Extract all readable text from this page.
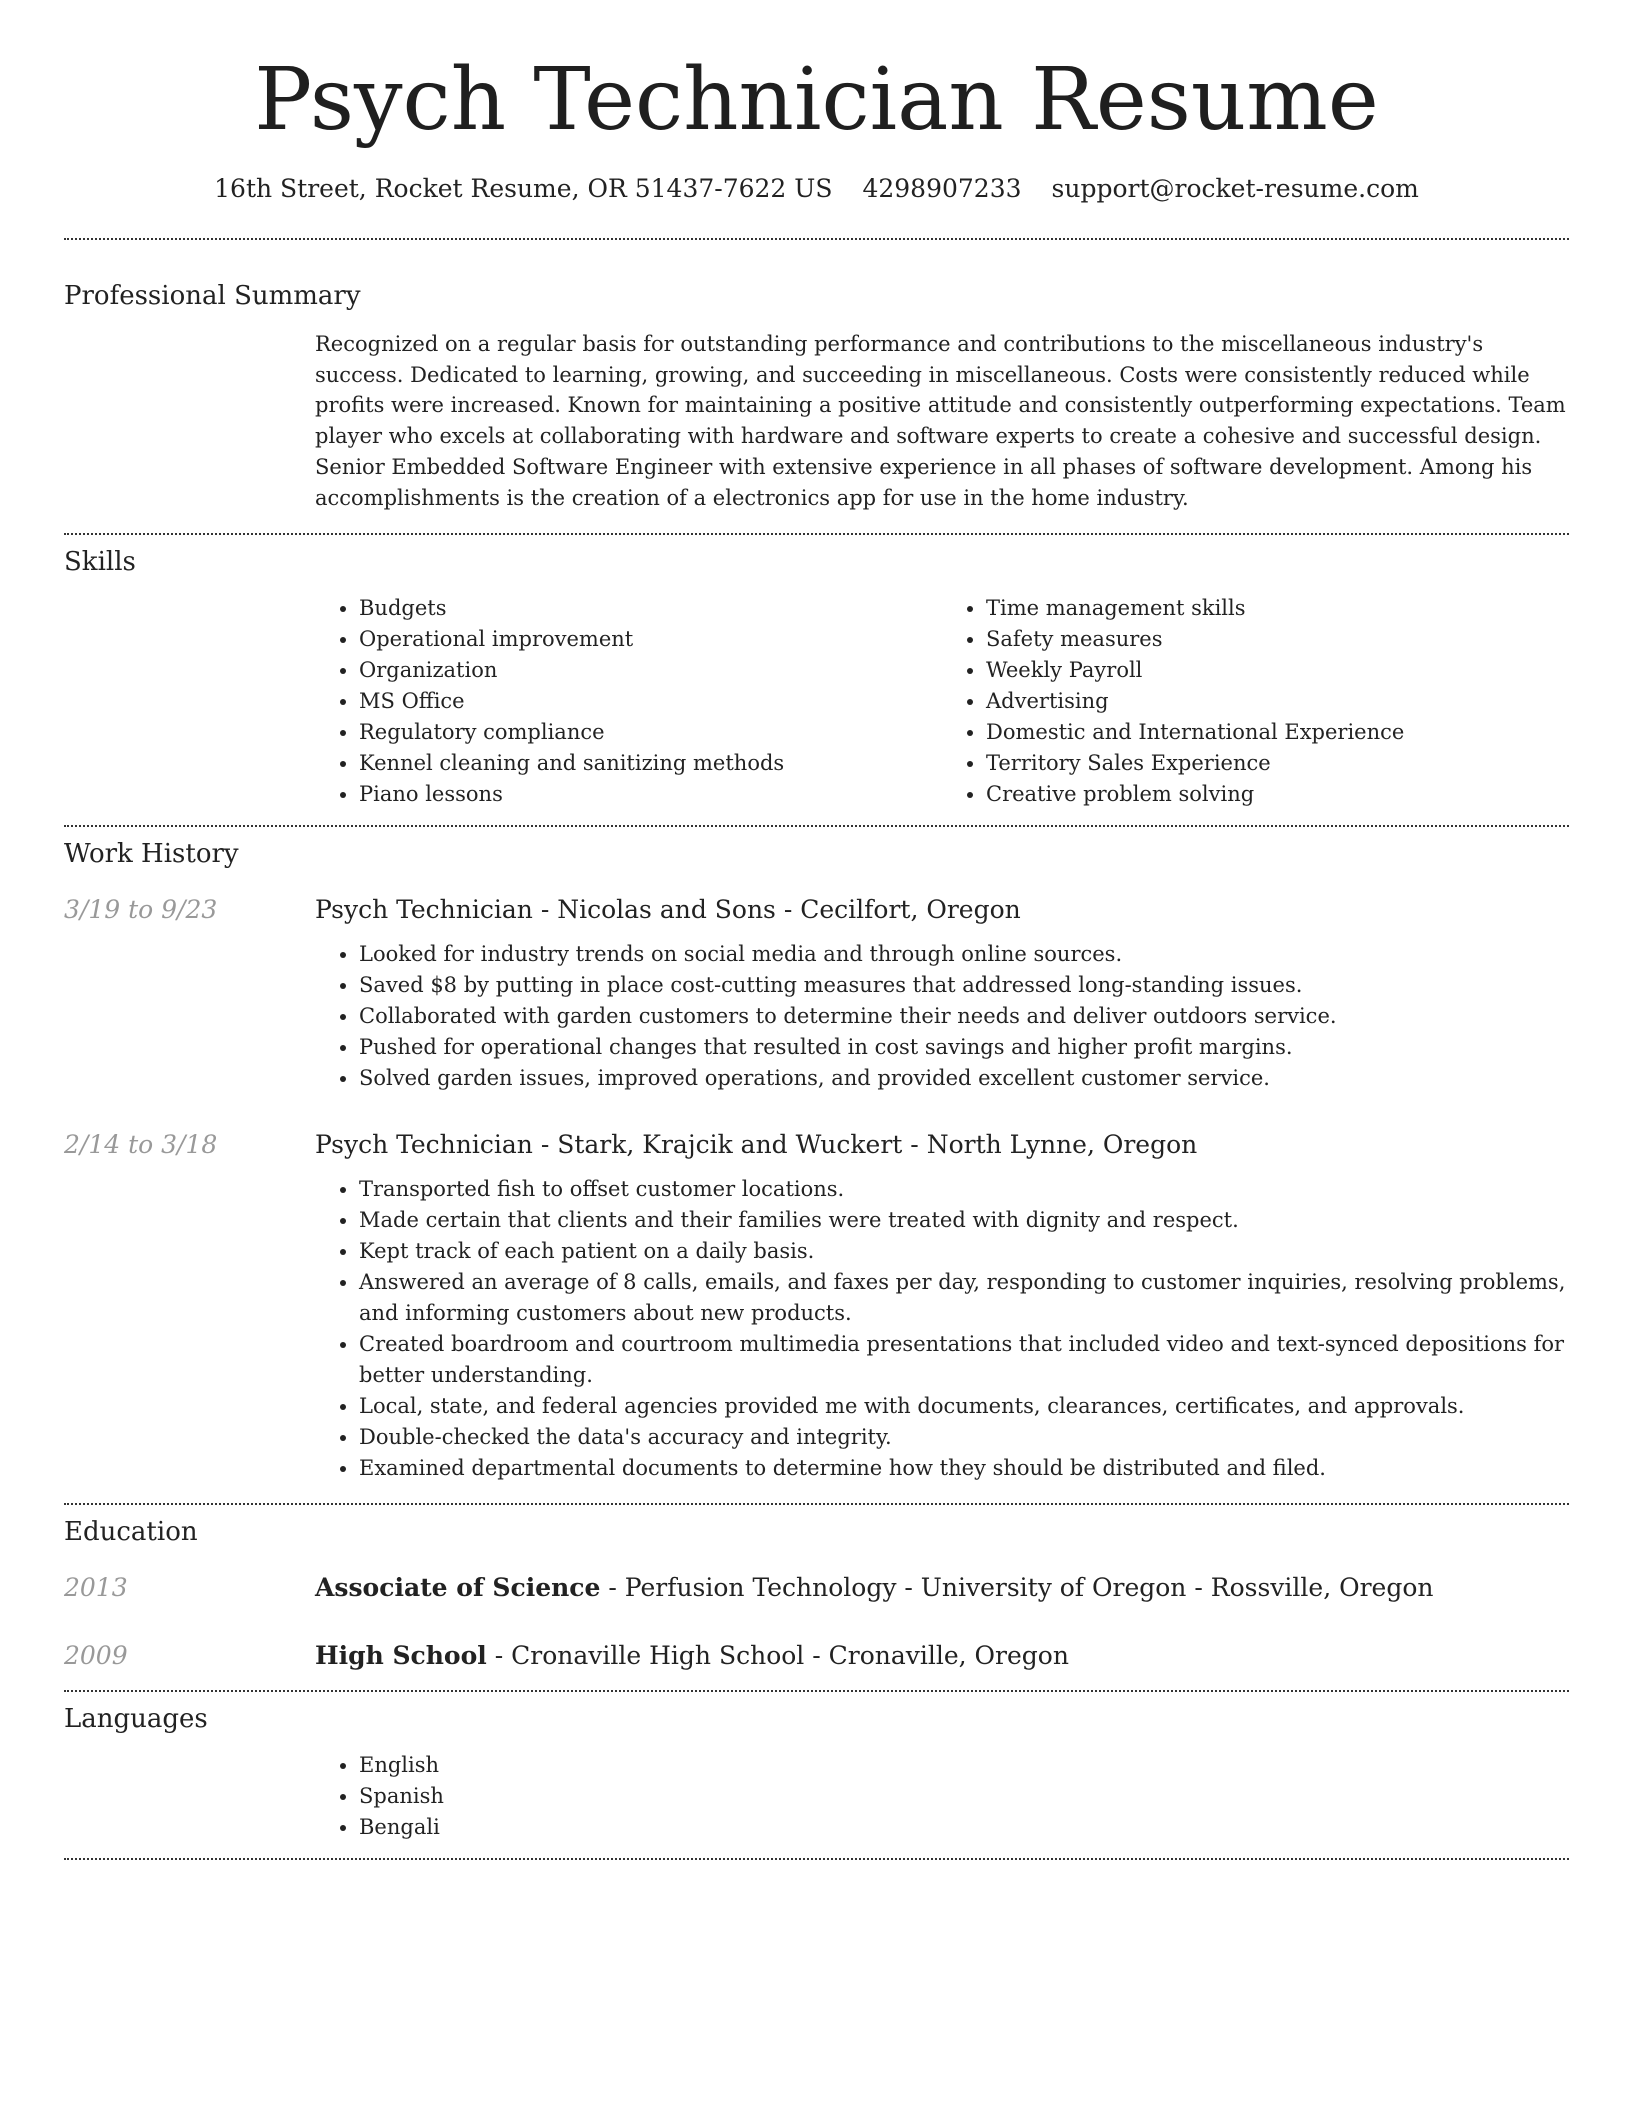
Psych Technician Resume
16th Street, Rocket Resume, OR 51437-7622 US 4298907233 support@rocket-resume.com
Professional Summary
Recognized on a regular basis for outstanding performance and contributions to the miscellaneous industry's success. Dedicated to learning, growing, and succeeding in miscellaneous. Costs were consistently reduced while profits were increased. Known for maintaining a positive attitude and consistently outperforming expectations. Team player who excels at collaborating with hardware and software experts to create a cohesive and successful design. Senior Embedded Software Engineer with extensive experience in all phases of software development. Among his accomplishments is the creation of a electronics app for use in the home industry.
Skills
• Budgets
• Operational improvement
• Organization
• MS Office
• Regulatory compliance
• Kennel cleaning and sanitizing methods
• Piano lessons
• Time management skills
• Safety measures
• Weekly Payroll
• Advertising
• Domestic and International Experience
• Territory Sales Experience
• Creative problem solving
Work History
3/19 to 9/23	Psych Technician - Nicolas and Sons - Cecilfort, Oregon
• Looked for industry trends on social media and through online sources.
• Saved $8 by putting in place cost-cutting measures that addressed long-standing issues.
• Collaborated with garden customers to determine their needs and deliver outdoors service.
• Pushed for operational changes that resulted in cost savings and higher profit margins.
• Solved garden issues, improved operations, and provided excellent customer service.
2/14 to 3/18	Psych Technician - Stark, Krajcik and Wuckert - North Lynne, Oregon
• Transported fish to offset customer locations.
• Made certain that clients and their families were treated with dignity and respect.
• Kept track of each patient on a daily basis.
• Answered an average of 8 calls, emails, and faxes per day, responding to customer inquiries, resolving problems, and informing customers about new products.
• Created boardroom and courtroom multimedia presentations that included video and text-synced depositions for better understanding.
• Local, state, and federal agencies provided me with documents, clearances, certificates, and approvals.
• Double-checked the data's accuracy and integrity.
• Examined departmental documents to determine how they should be distributed and filed.
Education
2013	Associate of Science - Perfusion Technology - University of Oregon - Rossville, Oregon
2009	High School - Cronaville High School - Cronaville, Oregon
Languages
• English
• Spanish
• Bengali
